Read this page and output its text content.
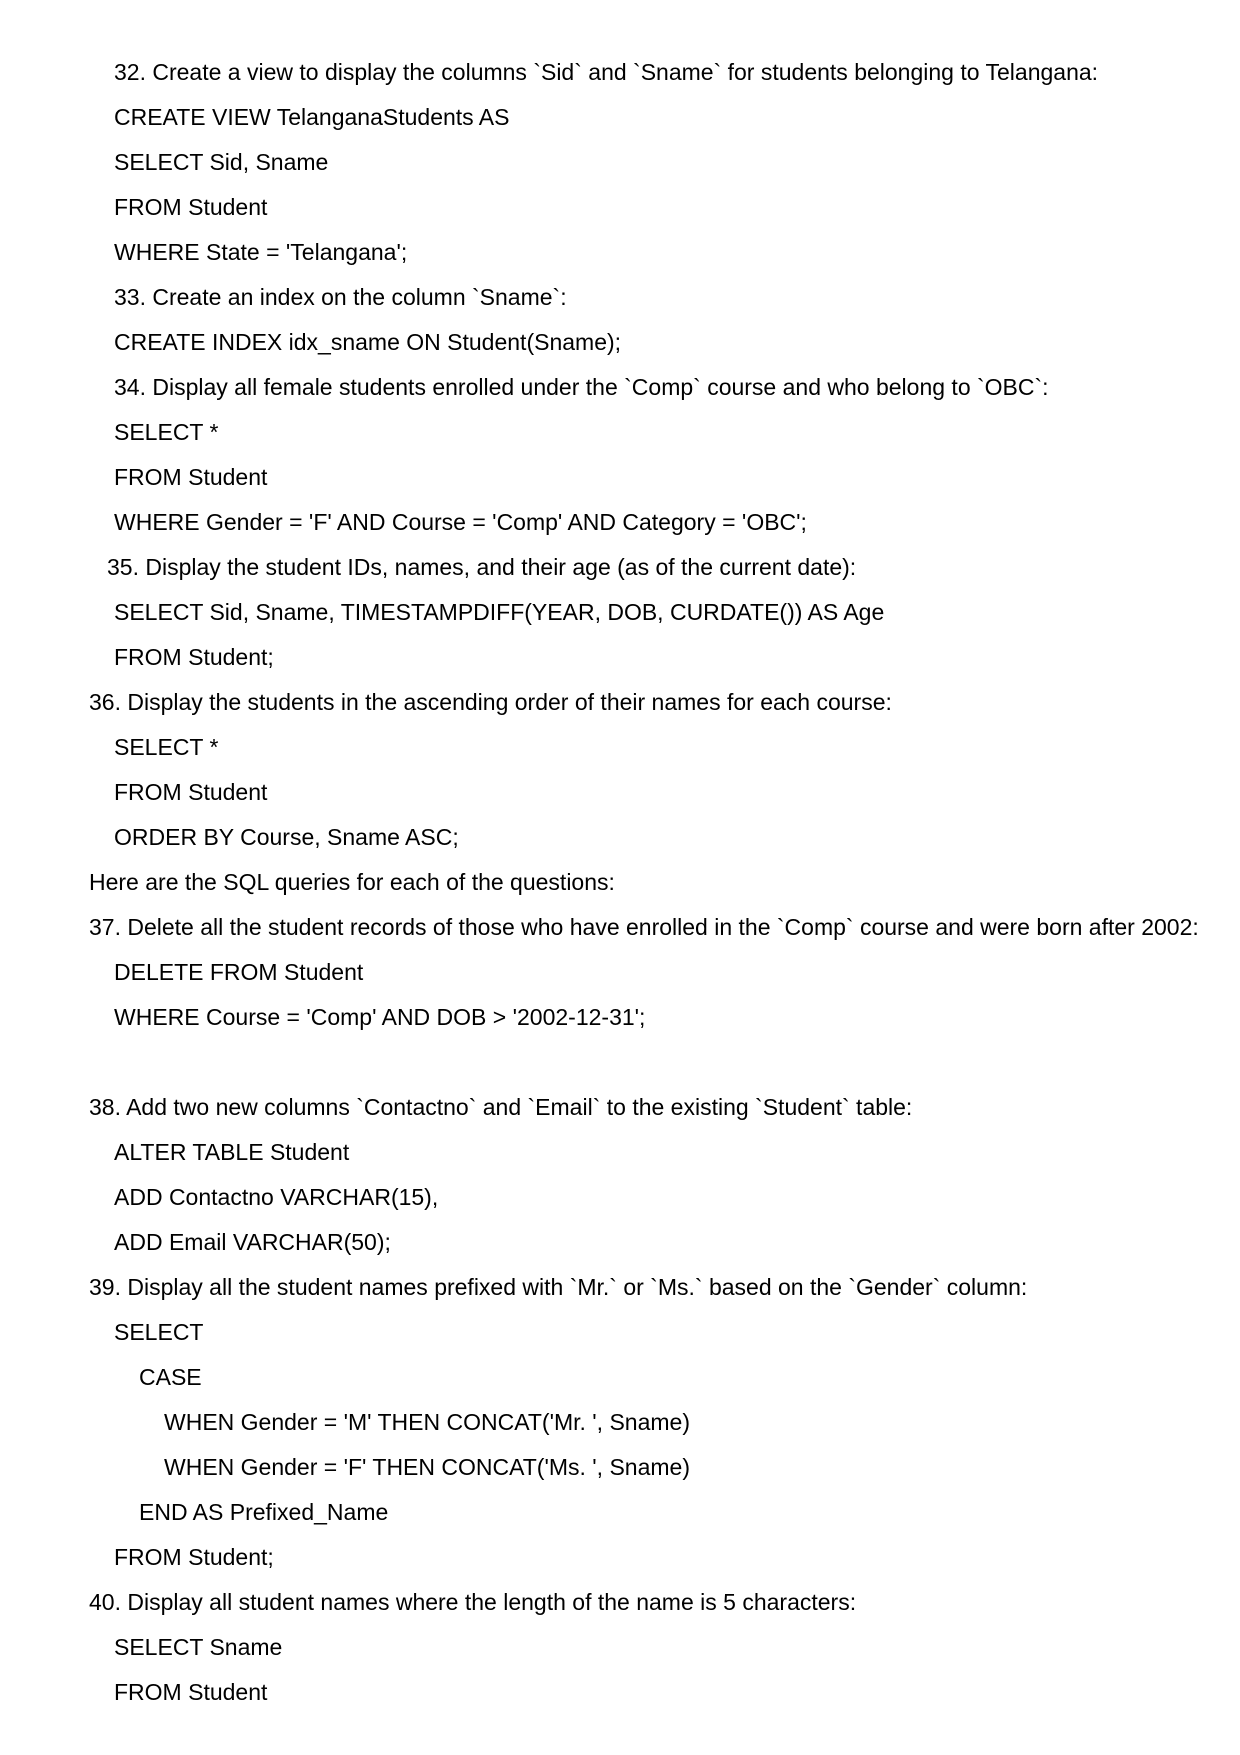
32. Create a view to display the columns `Sid` and `Sname` for students belonging to Telangana:
CREATE VIEW TelanganaStudents AS
SELECT Sid, Sname
FROM Student
WHERE State = 'Telangana';
33. Create an index on the column `Sname`:
CREATE INDEX idx_sname ON Student(Sname);
34. Display all female students enrolled under the `Comp` course and who belong to `OBC`:
SELECT *
FROM Student
WHERE Gender = 'F' AND Course = 'Comp' AND Category = 'OBC';
35. Display the student IDs, names, and their age (as of the current date):
SELECT Sid, Sname, TIMESTAMPDIFF(YEAR, DOB, CURDATE()) AS Age
FROM Student;
36. Display the students in the ascending order of their names for each course:
SELECT *
FROM Student
ORDER BY Course, Sname ASC;
Here are the SQL queries for each of the questions:
37. Delete all the student records of those who have enrolled in the `Comp` course and were born after 2002:
DELETE FROM Student
WHERE Course = 'Comp' AND DOB > '2002-12-31';
38. Add two new columns `Contactno` and `Email` to the existing `Student` table:
ALTER TABLE Student
ADD Contactno VARCHAR(15),
ADD Email VARCHAR(50);
39. Display all the student names prefixed with `Mr.` or `Ms.` based on the `Gender` column:
SELECT
CASE
WHEN Gender = 'M' THEN CONCAT('Mr. ', Sname)
WHEN Gender = 'F' THEN CONCAT('Ms. ', Sname)
END AS Prefixed_Name
FROM Student;
40. Display all student names where the length of the name is 5 characters:
SELECT Sname
FROM Student
